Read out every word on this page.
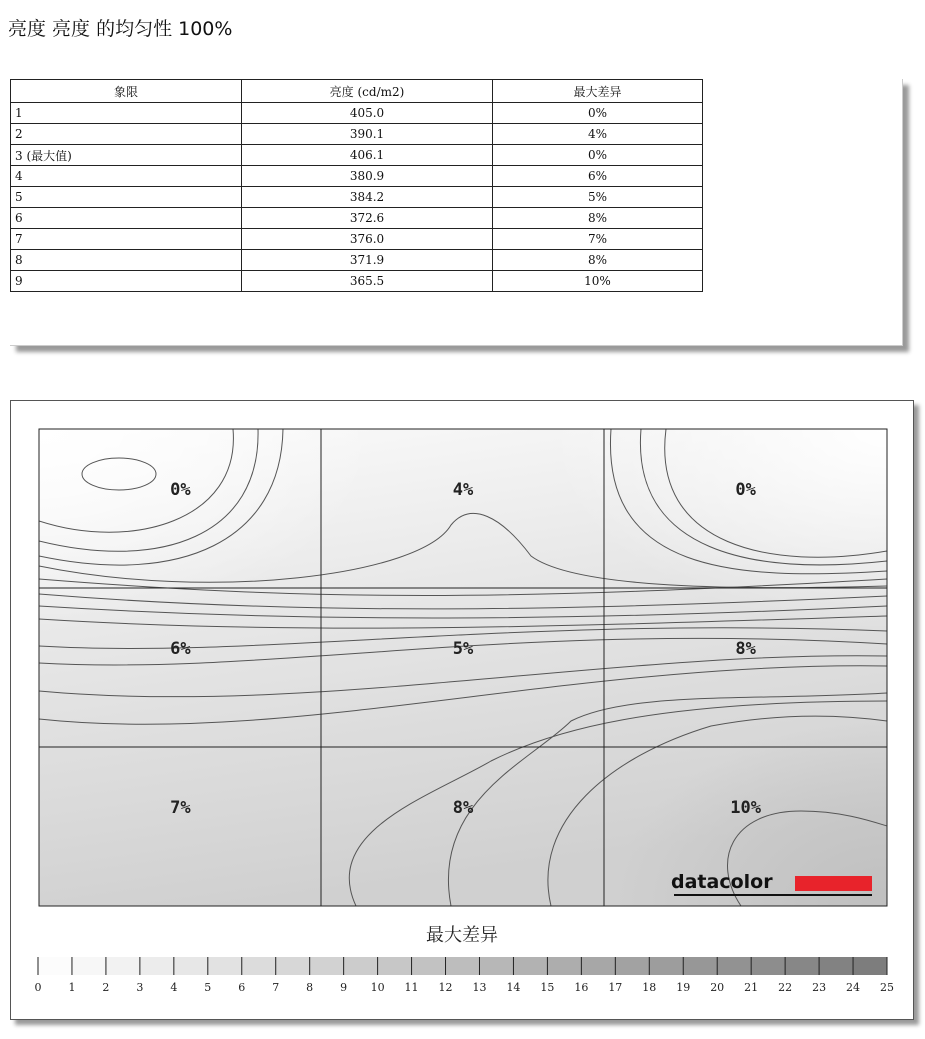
亮度 亮度 的均匀性 100%
象限	亮度 (cd/m2)	最大差异
1	405.0	0%
2	390.1	4%
3 (最大值)	406.1	0%
4	380.9	6%
5	384.2	5%
6	372.6	8%
7	376.0	7%
8	371.9	8%
9	365.5	10%
0%	4%	0%
6%	5%	8%
7%	8%	10%
datacolor
最大差异
0 1 2 3 4 5 6 7 8 9 10 11 12 13 14 15 16 17 18 19 20 21 22 23 24 25
